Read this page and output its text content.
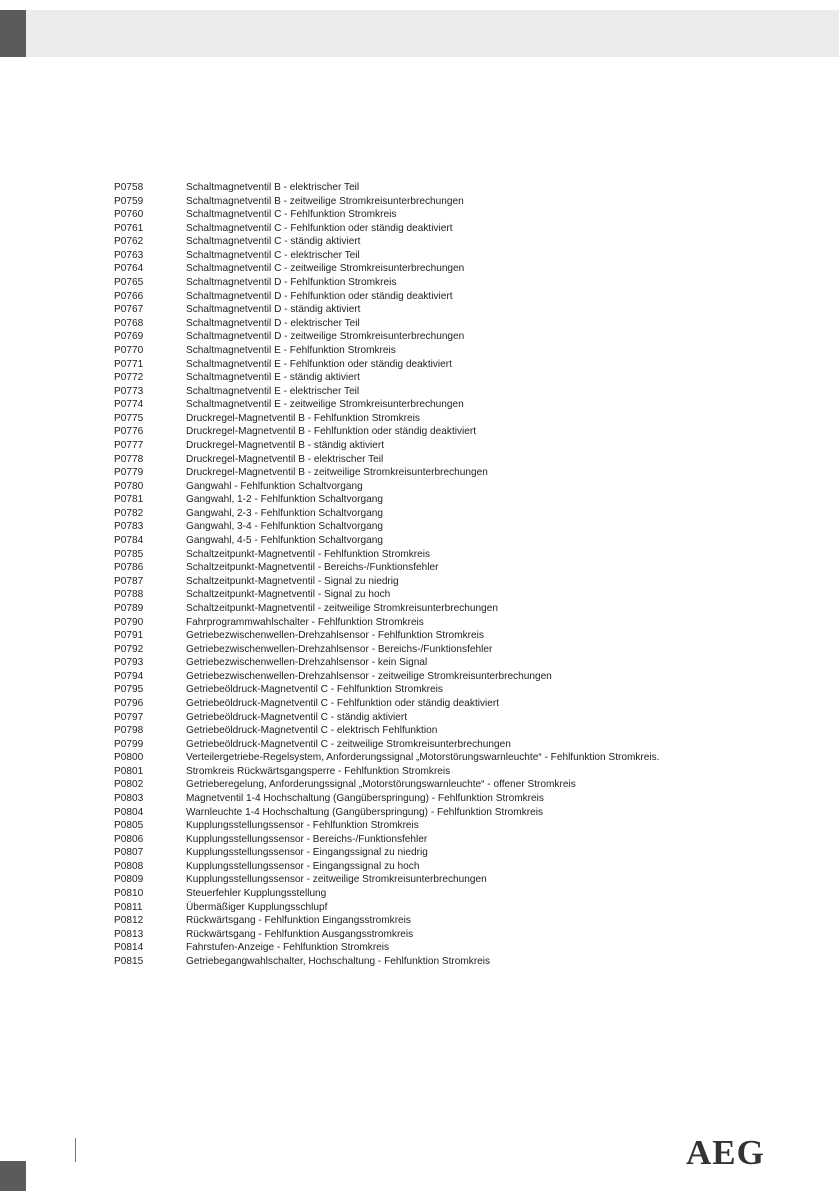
P0758	Schaltmagnetventil B - elektrischer Teil
P0759	Schaltmagnetventil B - zeitweilige Stromkreisunterbrechungen
P0760	Schaltmagnetventil C - Fehlfunktion Stromkreis
P0761	Schaltmagnetventil C - Fehlfunktion oder ständig deaktiviert
P0762	Schaltmagnetventil C - ständig aktiviert
P0763	Schaltmagnetventil C - elektrischer Teil
P0764	Schaltmagnetventil C - zeitweilige Stromkreisunterbrechungen
P0765	Schaltmagnetventil D - Fehlfunktion Stromkreis
P0766	Schaltmagnetventil D - Fehlfunktion oder ständig deaktiviert
P0767	Schaltmagnetventil D - ständig aktiviert
P0768	Schaltmagnetventil D - elektrischer Teil
P0769	Schaltmagnetventil D - zeitweilige Stromkreisunterbrechungen
P0770	Schaltmagnetventil E - Fehlfunktion Stromkreis
P0771	Schaltmagnetventil E - Fehlfunktion oder ständig deaktiviert
P0772	Schaltmagnetventil E - ständig aktiviert
P0773	Schaltmagnetventil E - elektrischer Teil
P0774	Schaltmagnetventil E - zeitweilige Stromkreisunterbrechungen
P0775	Druckregel-Magnetventil B - Fehlfunktion Stromkreis
P0776	Druckregel-Magnetventil B - Fehlfunktion oder ständig deaktiviert
P0777	Druckregel-Magnetventil B - ständig aktiviert
P0778	Druckregel-Magnetventil B - elektrischer Teil
P0779	Druckregel-Magnetventil B - zeitweilige Stromkreisunterbrechungen
P0780	Gangwahl - Fehlfunktion Schaltvorgang
P0781	Gangwahl, 1-2 - Fehlfunktion Schaltvorgang
P0782	Gangwahl, 2-3 - Fehlfunktion Schaltvorgang
P0783	Gangwahl, 3-4 - Fehlfunktion Schaltvorgang
P0784	Gangwahl, 4-5 - Fehlfunktion Schaltvorgang
P0785	Schaltzeitpunkt-Magnetventil - Fehlfunktion Stromkreis
P0786	Schaltzeitpunkt-Magnetventil - Bereichs-/Funktionsfehler
P0787	Schaltzeitpunkt-Magnetventil - Signal zu niedrig
P0788	Schaltzeitpunkt-Magnetventil - Signal zu hoch
P0789	Schaltzeitpunkt-Magnetventil - zeitweilige Stromkreisunterbrechungen
P0790	Fahrprogrammwahlschalter - Fehlfunktion Stromkreis
P0791	Getriebezwischenwellen-Drehzahlsensor - Fehlfunktion Stromkreis
P0792	Getriebezwischenwellen-Drehzahlsensor - Bereichs-/Funktionsfehler
P0793	Getriebezwischenwellen-Drehzahlsensor - kein Signal
P0794	Getriebezwischenwellen-Drehzahlsensor - zeitweilige Stromkreisunterbrechungen
P0795	Getriebeöldruck-Magnetventil C - Fehlfunktion Stromkreis
P0796	Getriebeöldruck-Magnetventil C - Fehlfunktion oder ständig deaktiviert
P0797	Getriebeöldruck-Magnetventil C - ständig aktiviert
P0798	Getriebeöldruck-Magnetventil C - elektrisch Fehlfunktion
P0799	Getriebeöldruck-Magnetventil C - zeitweilige Stromkreisunterbrechungen
P0800	Verteilergetriebe-Regelsystem, Anforderungssignal „Motorstörungswarnleuchte“ - Fehlfunktion Stromkreis.
P0801	Stromkreis Rückwärtsgangsperre - Fehlfunktion Stromkreis
P0802	Getrieberegelung, Anforderungssignal „Motorstörungswarnleuchte“ - offener Stromkreis
P0803	Magnetventil 1-4 Hochschaltung (Gangüberspringung) - Fehlfunktion Stromkreis
P0804	Warnleuchte 1-4 Hochschaltung (Gangüberspringung) - Fehlfunktion Stromkreis
P0805	Kupplungsstellungssensor - Fehlfunktion Stromkreis
P0806	Kupplungsstellungssensor - Bereichs-/Funktionsfehler
P0807	Kupplungsstellungssensor - Eingangssignal zu niedrig
P0808	Kupplungsstellungssensor - Eingangssignal zu hoch
P0809	Kupplungsstellungssensor - zeitweilige Stromkreisunterbrechungen
P0810	Steuerfehler Kupplungsstellung
P0811	Übermäßiger Kupplungsschlupf
P0812	Rückwärtsgang - Fehlfunktion Eingangsstromkreis
P0813	Rückwärtsgang - Fehlfunktion Ausgangsstromkreis
P0814	Fahrstufen-Anzeige - Fehlfunktion Stromkreis
P0815	Getriebegangwahlschalter, Hochschaltung - Fehlfunktion Stromkreis
AEG
